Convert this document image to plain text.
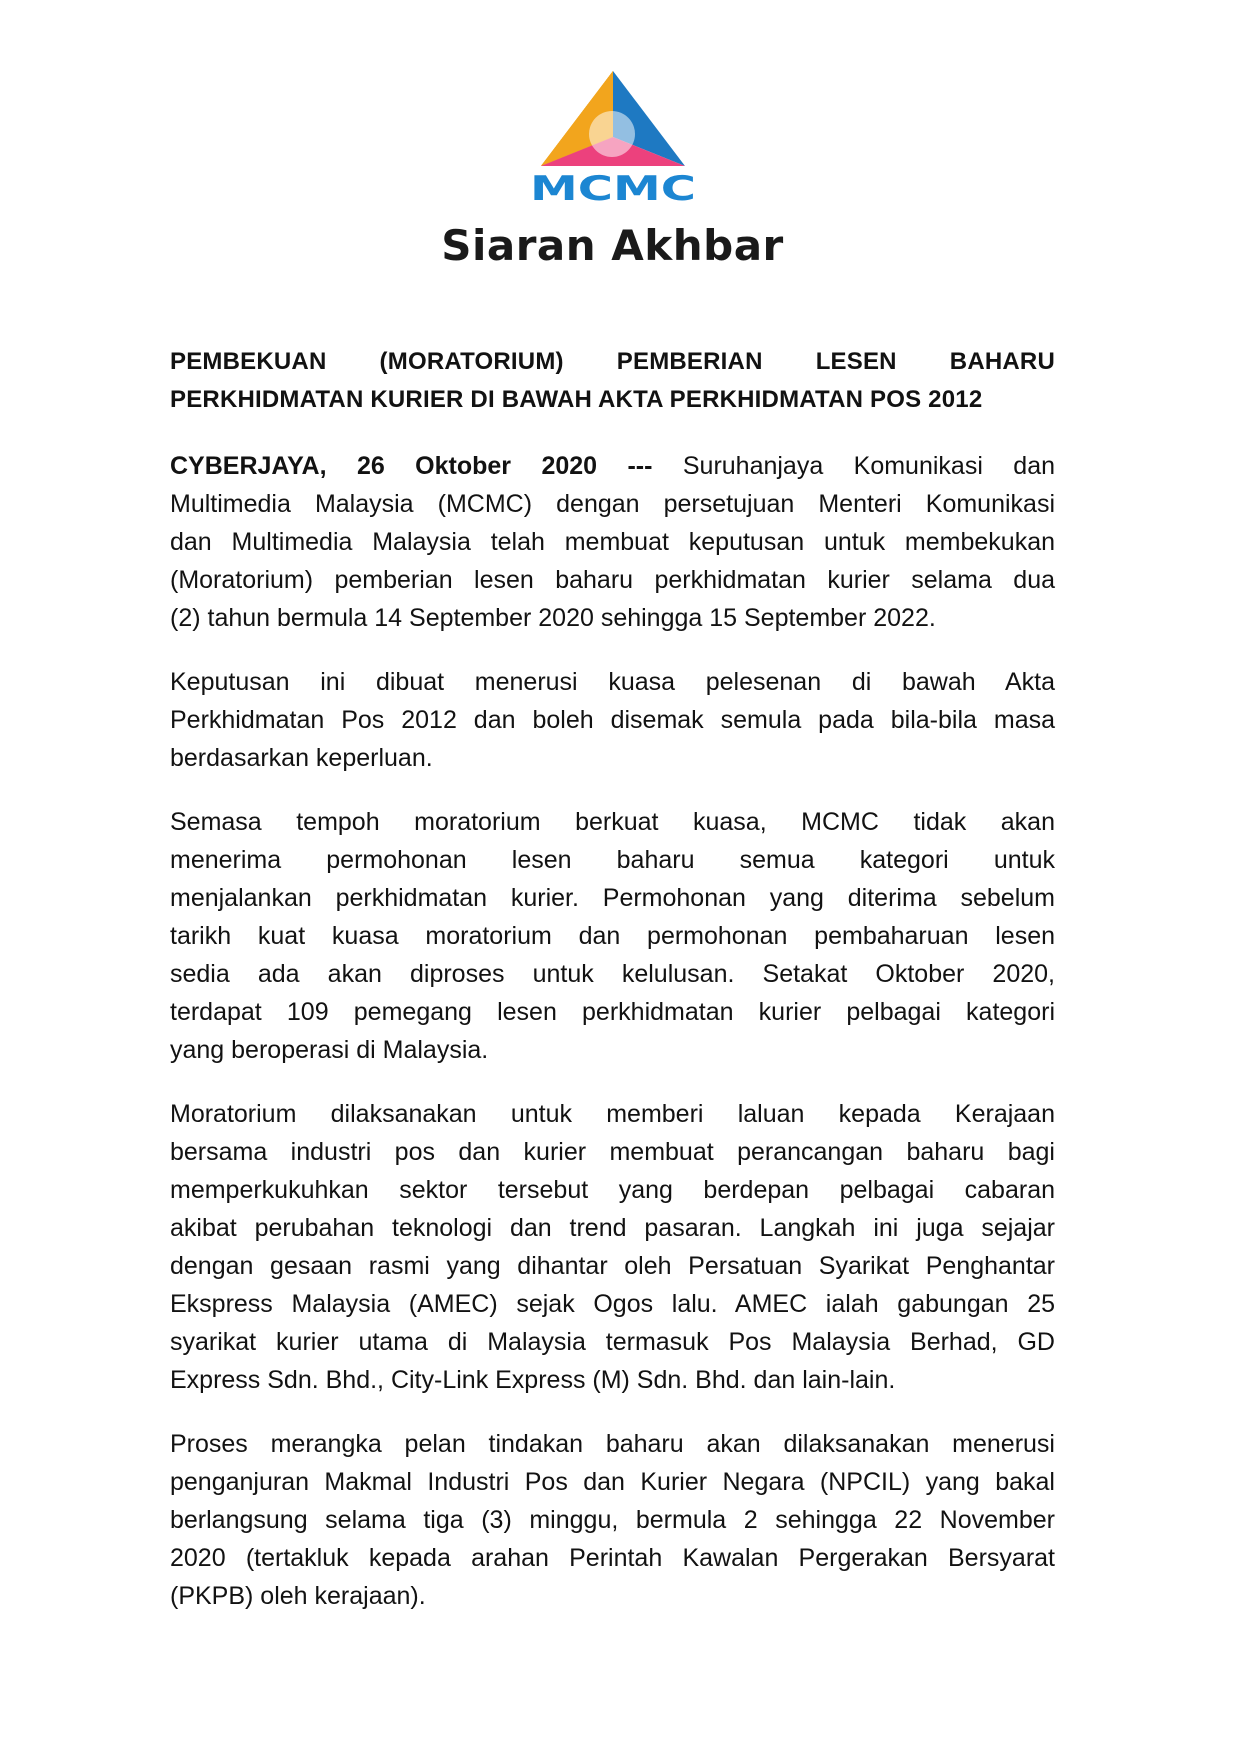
MCMC
Siaran Akhbar
PEMBEKUAN (MORATORIUM) PEMBERIAN LESEN BAHARU
PERKHIDMATAN KURIER DI BAWAH AKTA PERKHIDMATAN POS 2012
CYBERJAYA, 26 Oktober 2020 --- Suruhanjaya Komunikasi dan
Multimedia Malaysia (MCMC) dengan persetujuan Menteri Komunikasi
dan Multimedia Malaysia telah membuat keputusan untuk membekukan
(Moratorium) pemberian lesen baharu perkhidmatan kurier selama dua
(2) tahun bermula 14 September 2020 sehingga 15 September 2022.
Keputusan ini dibuat menerusi kuasa pelesenan di bawah Akta
Perkhidmatan Pos 2012 dan boleh disemak semula pada bila-bila masa
berdasarkan keperluan.
Semasa tempoh moratorium berkuat kuasa, MCMC tidak akan
menerima permohonan lesen baharu semua kategori untuk
menjalankan perkhidmatan kurier. Permohonan yang diterima sebelum
tarikh kuat kuasa moratorium dan permohonan pembaharuan lesen
sedia ada akan diproses untuk kelulusan. Setakat Oktober 2020,
terdapat 109 pemegang lesen perkhidmatan kurier pelbagai kategori
yang beroperasi di Malaysia.
Moratorium dilaksanakan untuk memberi laluan kepada Kerajaan
bersama industri pos dan kurier membuat perancangan baharu bagi
memperkukuhkan sektor tersebut yang berdepan pelbagai cabaran
akibat perubahan teknologi dan trend pasaran. Langkah ini juga sejajar
dengan gesaan rasmi yang dihantar oleh Persatuan Syarikat Penghantar
Ekspress Malaysia (AMEC) sejak Ogos lalu. AMEC ialah gabungan 25
syarikat kurier utama di Malaysia termasuk Pos Malaysia Berhad, GD
Express Sdn. Bhd., City-Link Express (M) Sdn. Bhd. dan lain-lain.
Proses merangka pelan tindakan baharu akan dilaksanakan menerusi
penganjuran Makmal Industri Pos dan Kurier Negara (NPCIL) yang bakal
berlangsung selama tiga (3) minggu, bermula 2 sehingga 22 November
2020 (tertakluk kepada arahan Perintah Kawalan Pergerakan Bersyarat
(PKPB) oleh kerajaan).
